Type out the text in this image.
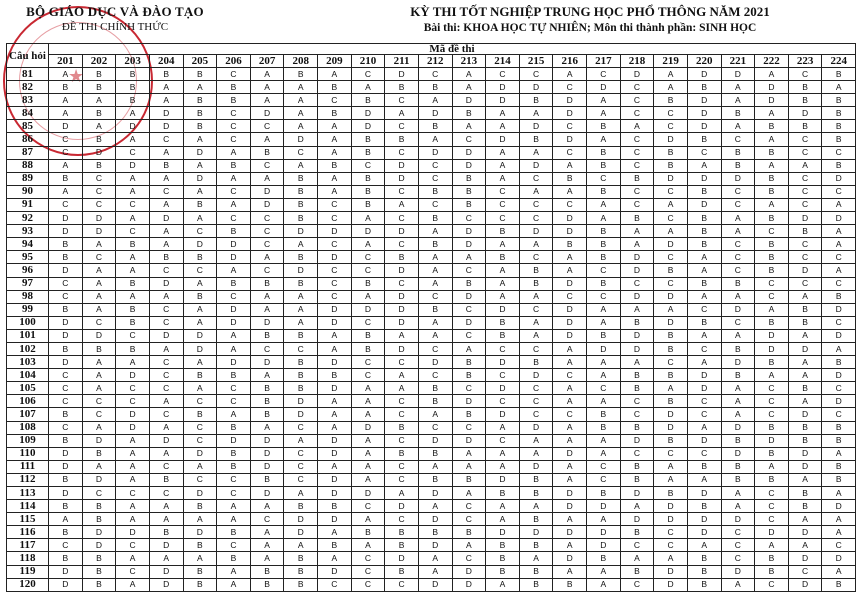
★
BỘ GIÁO DỤC VÀ ĐÀO TẠO
ĐỀ THI CHÍNH THỨC
KỲ THI TỐT NGHIỆP TRUNG HỌC PHỔ THÔNG NĂM 2021
Bài thi: KHOA HỌC TỰ NHIÊN; Môn thi thành phần: SINH HỌC
Câu hỏi	Mã đề thi																							
	201	202	203	204	205	206	207	208	209	210	211	212	213	214	215	216	217	218	219	220	221	222	223	224
81	A	B	B	B	B	C	A	B	A	C	D	C	A	C	C	A	C	D	A	D	D	A	C	B
82	B	B	B	A	A	B	A	A	B	A	B	B	A	D	D	C	D	C	A	B	A	D	B	A
83	A	A	B	A	B	B	A	A	C	B	C	A	D	D	B	D	A	C	B	D	A	D	B	B
84	A	B	A	D	B	C	D	A	B	D	A	D	B	A	A	D	A	C	C	D	B	A	D	B
85	D	A	D	D	B	C	C	A	A	D	C	B	A	A	D	C	B	A	C	D	A	B	B	B
86	C	B	A	C	A	C	A	D	A	B	B	A	C	D	B	D	A	C	D	B	C	A	C	B
87	C	D	C	A	D	A	B	C	A	B	C	D	D	A	A	C	B	C	B	C	B	B	C	C
88	A	B	D	B	A	B	C	A	B	C	D	C	D	A	D	A	B	C	B	A	B	A	A	B
89	B	C	A	A	D	A	A	B	A	B	D	C	B	A	C	B	C	B	D	D	D	B	C	D
90	A	C	A	C	A	C	D	B	A	B	C	B	B	C	A	A	B	C	C	B	C	B	C	C
91	C	C	C	A	B	A	D	B	C	B	A	C	B	C	C	C	A	C	A	D	C	A	C	A
92	D	D	A	D	A	C	C	B	C	A	C	B	C	C	C	D	A	B	C	B	A	B	D	D
93	D	D	C	A	C	B	C	D	D	D	D	A	D	B	D	D	B	A	A	B	A	C	B	A
94	B	A	B	A	D	D	C	A	C	A	C	B	D	A	A	B	B	A	D	B	C	B	C	A
95	B	C	A	B	B	D	A	B	D	C	B	A	A	B	C	A	B	D	C	A	C	B	C	C
96	D	A	A	C	C	A	C	D	C	C	D	A	C	A	B	A	C	D	B	A	C	B	D	A
97	C	A	B	D	A	B	B	B	C	B	C	A	B	A	B	D	B	C	C	B	B	C	C	C
98	C	A	A	A	B	C	A	A	C	A	D	C	D	A	A	C	C	D	D	A	A	C	A	B
99	B	A	B	C	A	D	A	A	D	D	D	B	C	D	C	D	A	A	A	C	D	A	B	D
100	D	C	B	C	A	D	D	A	D	C	D	A	D	B	A	D	A	B	D	B	C	B	B	C
101	D	D	C	D	D	A	B	B	A	B	A	A	C	B	A	D	B	D	B	A	A	D	A	D
102	B	B	B	A	D	A	C	C	A	B	D	C	A	C	C	A	D	D	B	C	B	D	D	A
103	D	A	A	C	A	D	D	B	D	C	C	D	B	D	B	A	A	A	C	A	D	B	A	B
104	C	A	D	C	B	B	A	B	B	C	A	C	B	C	D	C	A	B	B	D	B	A	A	D
105	C	A	C	C	A	C	B	B	D	A	A	B	C	D	C	A	C	B	A	D	A	C	B	C
106	C	C	C	A	C	C	B	D	A	A	C	B	D	C	C	A	A	C	B	C	A	C	A	D
107	B	C	D	C	B	A	B	D	A	A	C	A	B	D	C	C	B	C	D	C	A	C	D	C
108	C	A	D	A	C	B	A	C	A	D	B	C	C	A	D	A	B	B	D	A	D	B	B	B
109	B	D	A	D	C	D	D	A	D	A	C	D	D	C	A	A	A	D	B	D	B	D	B	B
110	D	B	A	A	D	B	D	C	D	A	B	B	A	A	A	D	A	C	C	C	D	B	D	A
111	D	A	A	C	A	B	D	C	A	A	C	A	A	A	D	A	C	B	A	B	B	A	D	B
112	B	D	A	B	C	C	B	C	D	A	C	B	B	D	B	A	C	B	A	A	B	B	A	B
113	D	C	C	C	D	C	D	A	D	D	A	D	A	B	B	D	B	D	B	D	A	C	B	A
114	B	B	A	A	B	A	A	B	B	C	D	A	C	A	A	D	D	A	D	B	A	C	B	D
115	A	B	A	A	A	A	C	D	D	A	C	D	C	A	B	A	A	D	D	D	D	C	A	A
116	B	D	D	B	D	B	A	D	A	B	B	B	B	D	D	D	D	B	C	D	C	D	D	A
117	C	D	C	D	B	C	A	A	B	A	B	D	A	B	B	A	D	C	C	A	C	A	A	C
118	B	B	A	A	A	B	A	B	A	C	D	A	C	B	A	D	B	A	A	B	C	B	D	D
119	D	B	C	D	B	A	B	B	D	C	B	A	D	B	B	A	A	B	D	B	D	B	C	A
120	D	B	A	D	B	A	B	B	C	C	C	D	D	A	B	B	A	C	D	B	A	C	D	B
